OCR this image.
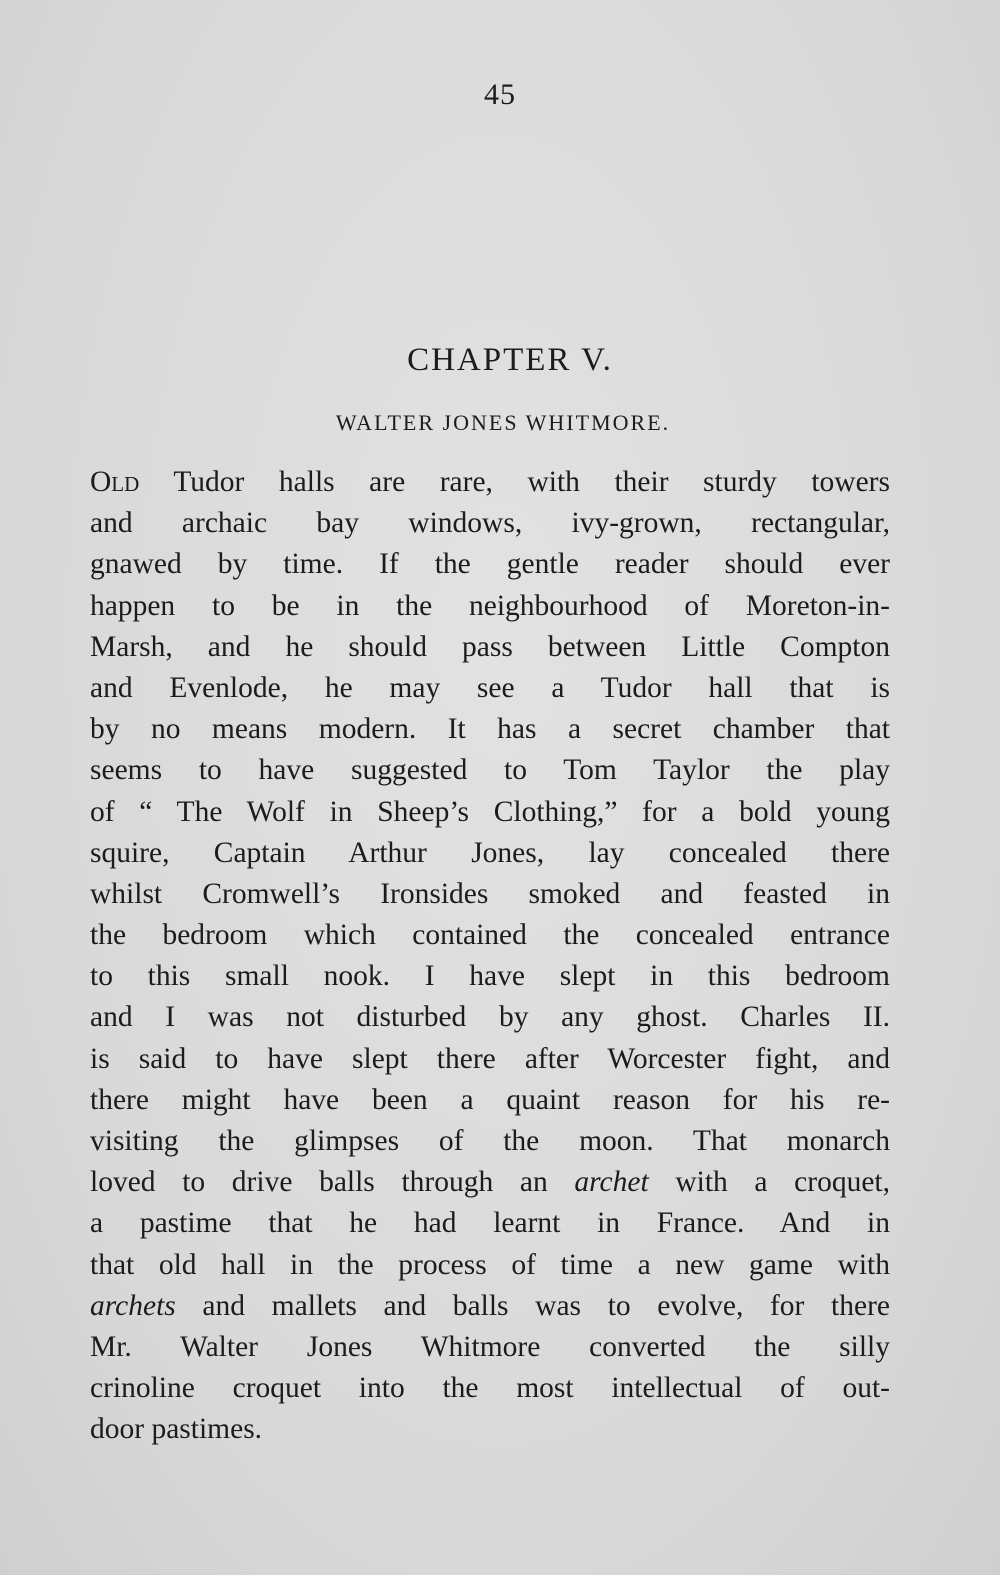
45
CHAPTER V.
WALTER JONES WHITMORE.
Old Tudor halls are rare, with their sturdy towers
and archaic bay windows, ivy-grown, rectangular,
gnawed by time. If the gentle reader should ever
happen to be in the neighbourhood of Moreton-in-
Marsh, and he should pass between Little Compton
and Evenlode, he may see a Tudor hall that is
by no means modern. It has a secret chamber that
seems to have suggested to Tom Taylor the play
of “ The Wolf in Sheep’s Clothing,” for a bold young
squire, Captain Arthur Jones, lay concealed there
whilst Cromwell’s Ironsides smoked and feasted in
the bedroom which contained the concealed entrance
to this small nook. I have slept in this bedroom
and I was not disturbed by any ghost. Charles II.
is said to have slept there after Worcester fight, and
there might have been a quaint reason for his re-
visiting the glimpses of the moon. That monarch
loved to drive balls through an archet with a croquet,
a pastime that he had learnt in France. And in
that old hall in the process of time a new game with
archets and mallets and balls was to evolve, for there
Mr. Walter Jones Whitmore converted the silly
crinoline croquet into the most intellectual of out-
door pastimes.
